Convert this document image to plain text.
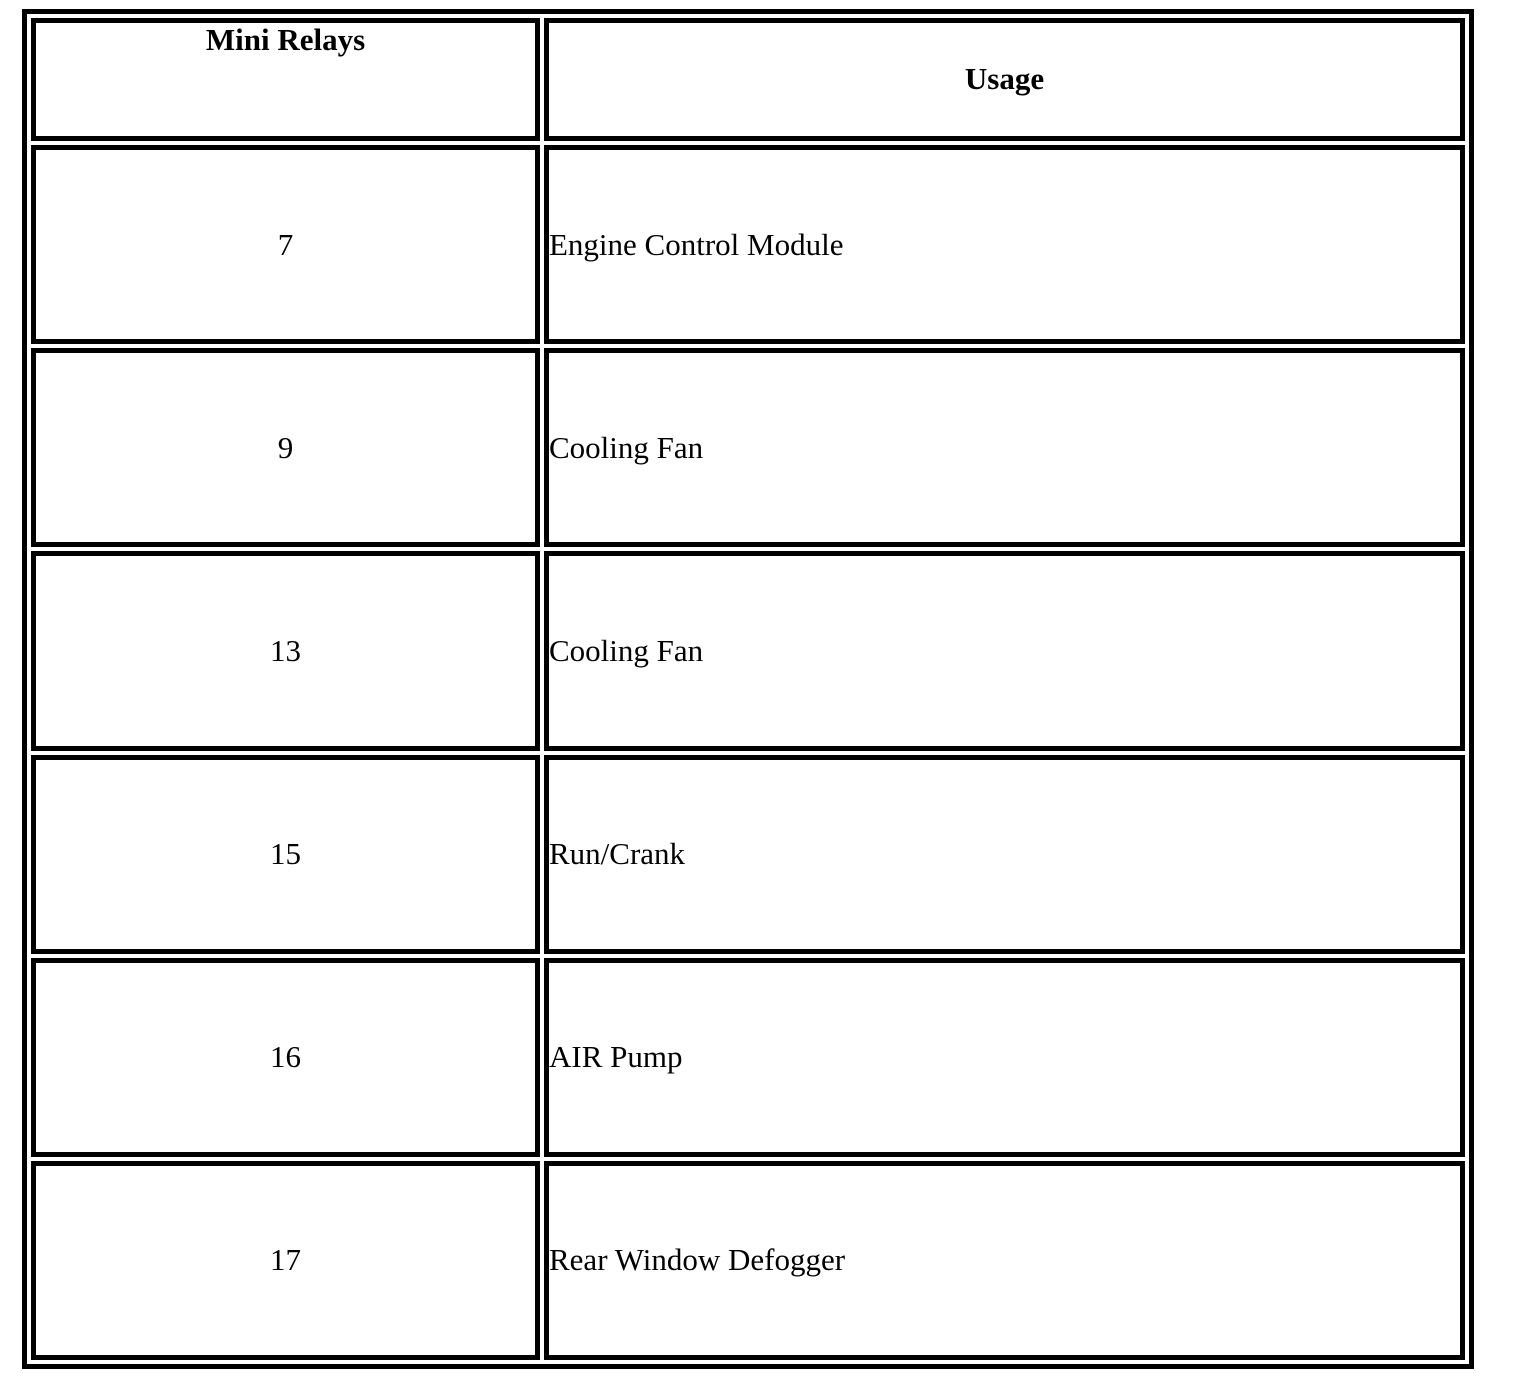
Mini Relays	Usage
7	Engine Control Module
9	Cooling Fan
13	Cooling Fan
15	Run/Crank
16	AIR Pump
17	Rear Window Defogger
